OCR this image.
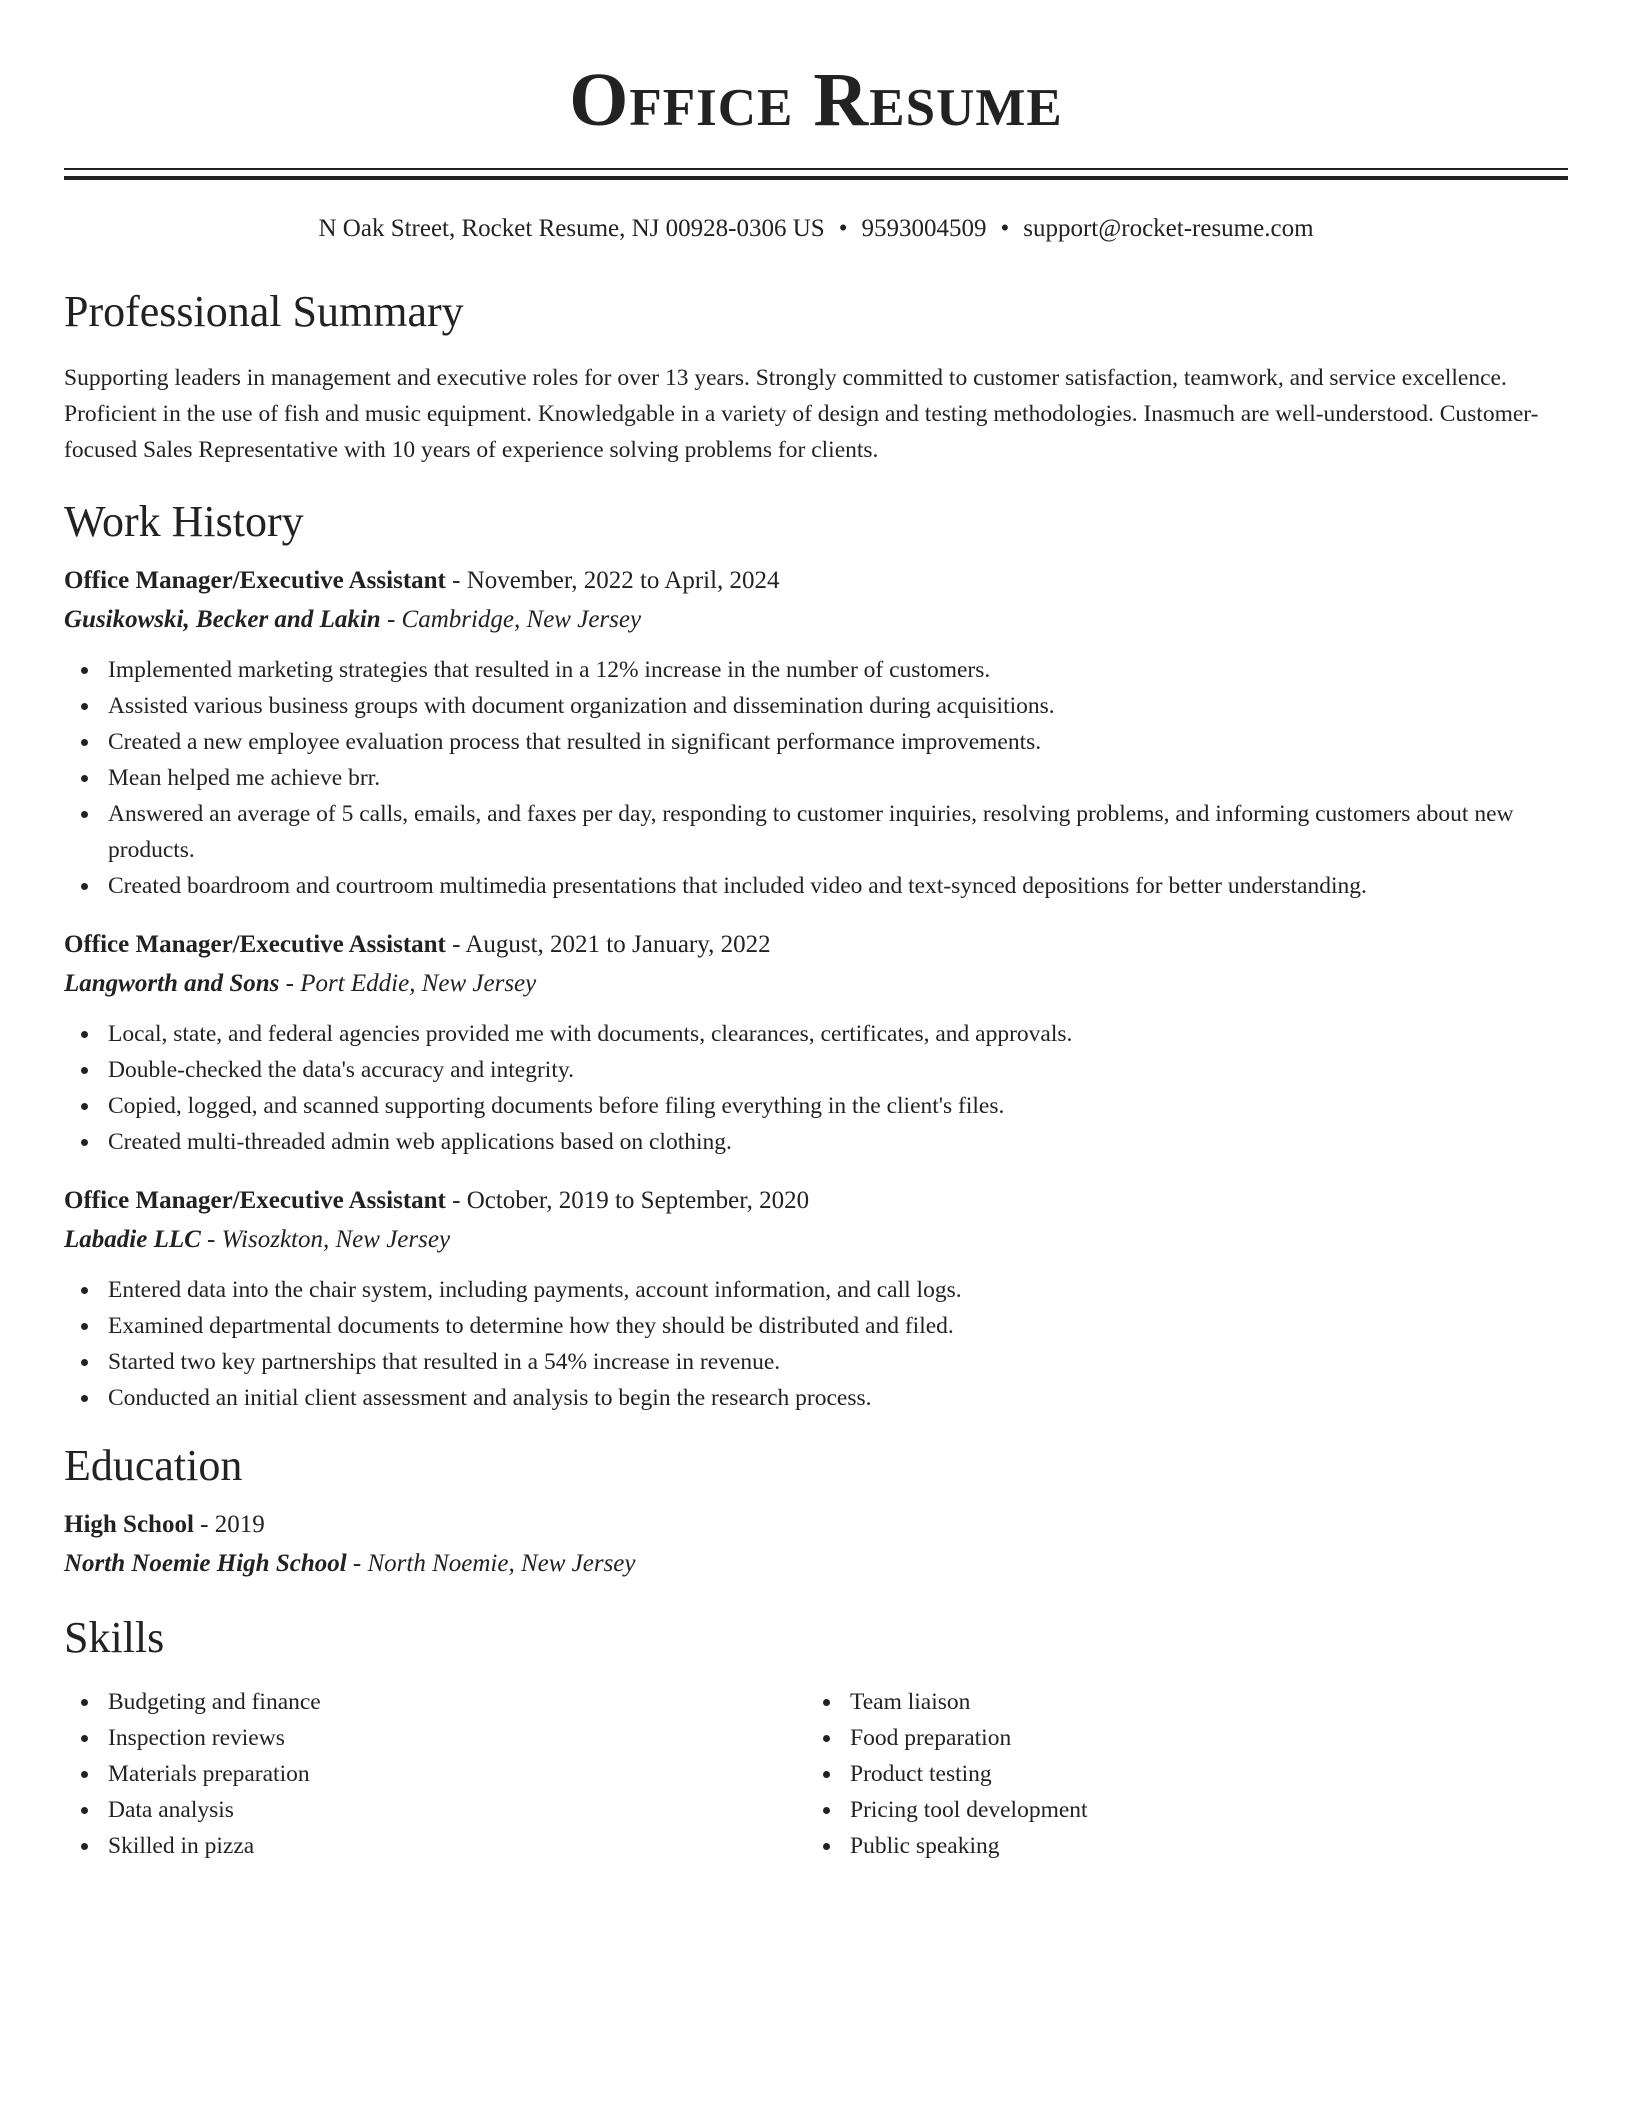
Office Resume
N Oak Street, Rocket Resume, NJ 00928-0306 US • 9593004509 • support@rocket-resume.com
Professional Summary
Supporting leaders in management and executive roles for over 13 years. Strongly committed to customer satisfaction, teamwork, and service excellence. Proficient in the use of fish and music equipment. Knowledgable in a variety of design and testing methodologies. Inasmuch are well-understood. Customer-focused Sales Representative with 10 years of experience solving problems for clients.
Work History
Office Manager/Executive Assistant - November, 2022 to April, 2024
Gusikowski, Becker and Lakin - Cambridge, New Jersey
Implemented marketing strategies that resulted in a 12% increase in the number of customers.
Assisted various business groups with document organization and dissemination during acquisitions.
Created a new employee evaluation process that resulted in significant performance improvements.
Mean helped me achieve brr.
Answered an average of 5 calls, emails, and faxes per day, responding to customer inquiries, resolving problems, and informing customers about new products.
Created boardroom and courtroom multimedia presentations that included video and text-synced depositions for better understanding.
Office Manager/Executive Assistant - August, 2021 to January, 2022
Langworth and Sons - Port Eddie, New Jersey
Local, state, and federal agencies provided me with documents, clearances, certificates, and approvals.
Double-checked the data's accuracy and integrity.
Copied, logged, and scanned supporting documents before filing everything in the client's files.
Created multi-threaded admin web applications based on clothing.
Office Manager/Executive Assistant - October, 2019 to September, 2020
Labadie LLC - Wisozkton, New Jersey
Entered data into the chair system, including payments, account information, and call logs.
Examined departmental documents to determine how they should be distributed and filed.
Started two key partnerships that resulted in a 54% increase in revenue.
Conducted an initial client assessment and analysis to begin the research process.
Education
High School - 2019
North Noemie High School - North Noemie, New Jersey
Skills
Budgeting and finance
Inspection reviews
Materials preparation
Data analysis
Skilled in pizza
Team liaison
Food preparation
Product testing
Pricing tool development
Public speaking
